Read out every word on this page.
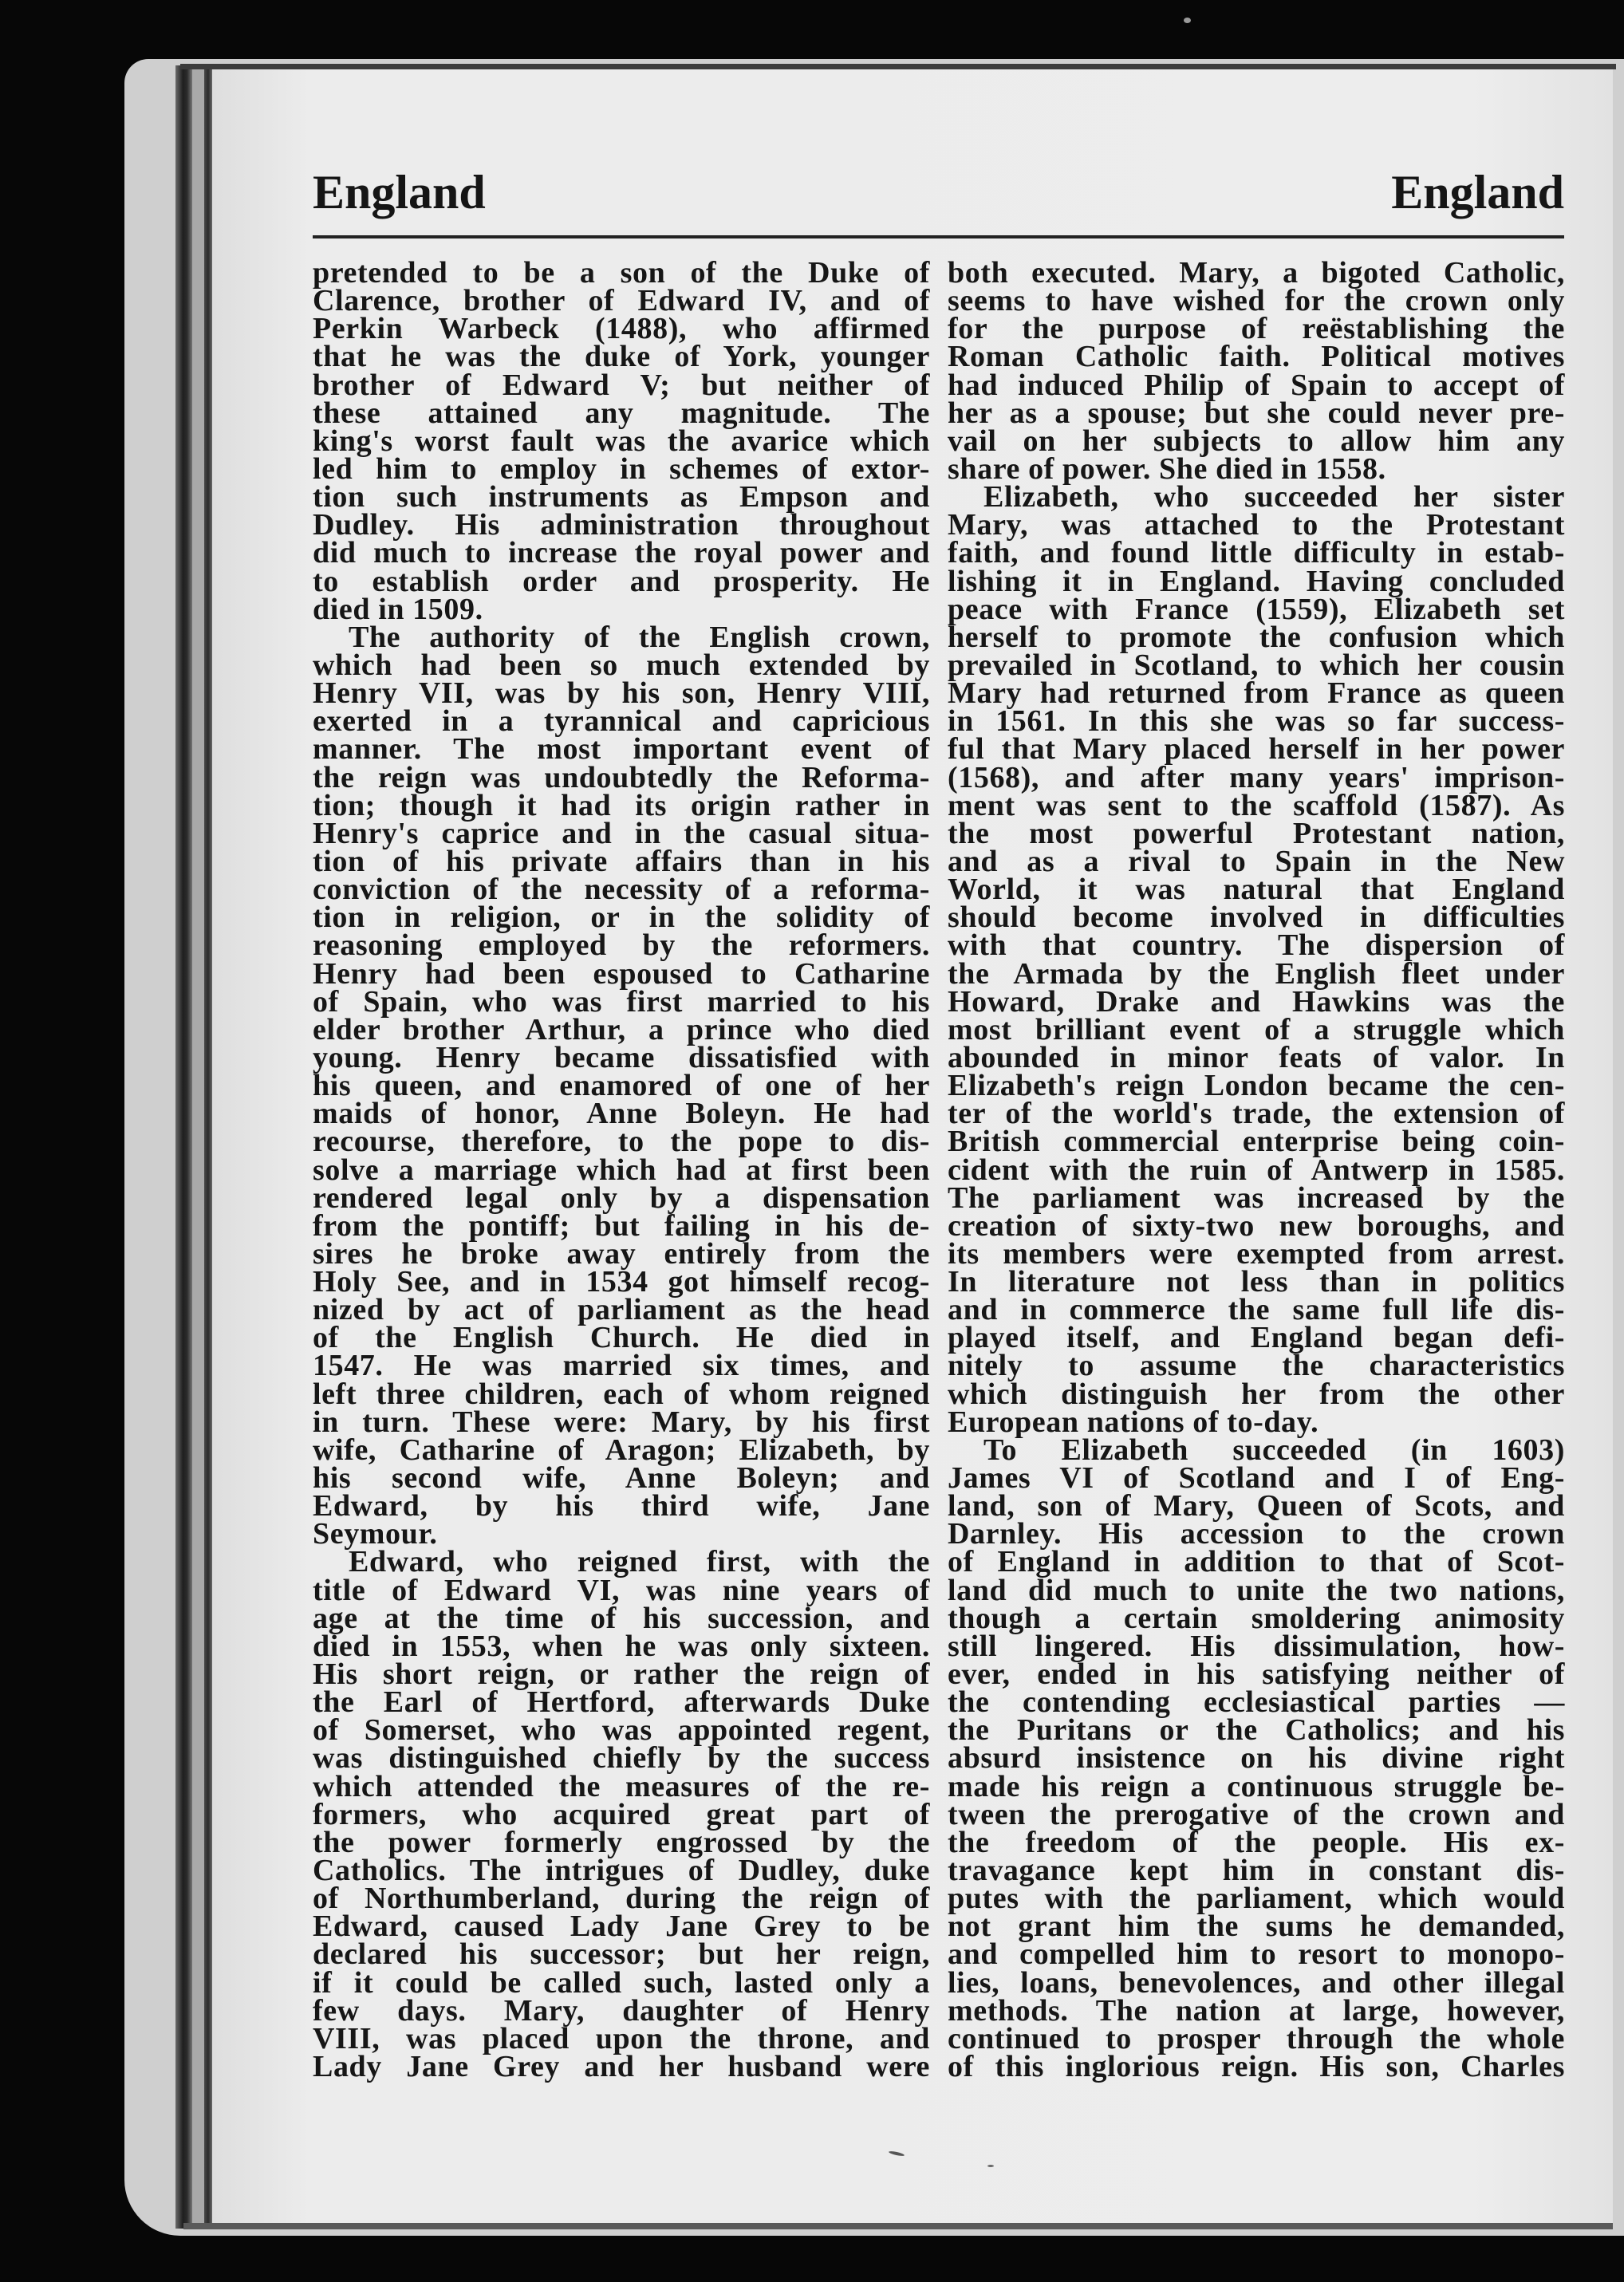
England	England
pretended to be a son of the Duke of
Clarence, brother of Edward IV, and of
Perkin Warbeck (1488), who affirmed
that he was the duke of York, younger
brother of Edward V; but neither of
these attained any magnitude. The
king's worst fault was the avarice which
led him to employ in schemes of extor-
tion such instruments as Empson and
Dudley. His administration throughout
did much to increase the royal power and
to establish order and prosperity. He
died in 1509.
The authority of the English crown,
which had been so much extended by
Henry VII, was by his son, Henry VIII,
exerted in a tyrannical and capricious
manner. The most important event of
the reign was undoubtedly the Reforma-
tion; though it had its origin rather in
Henry's caprice and in the casual situa-
tion of his private affairs than in his
conviction of the necessity of a reforma-
tion in religion, or in the solidity of
reasoning employed by the reformers.
Henry had been espoused to Catharine
of Spain, who was first married to his
elder brother Arthur, a prince who died
young. Henry became dissatisfied with
his queen, and enamored of one of her
maids of honor, Anne Boleyn. He had
recourse, therefore, to the pope to dis-
solve a marriage which had at first been
rendered legal only by a dispensation
from the pontiff; but failing in his de-
sires he broke away entirely from the
Holy See, and in 1534 got himself recog-
nized by act of parliament as the head
of the English Church. He died in
1547. He was married six times, and
left three children, each of whom reigned
in turn. These were: Mary, by his first
wife, Catharine of Aragon; Elizabeth, by
his second wife, Anne Boleyn; and
Edward, by his third wife, Jane
Seymour.
Edward, who reigned first, with the
title of Edward VI, was nine years of
age at the time of his succession, and
died in 1553, when he was only sixteen.
His short reign, or rather the reign of
the Earl of Hertford, afterwards Duke
of Somerset, who was appointed regent,
was distinguished chiefly by the success
which attended the measures of the re-
formers, who acquired great part of
the power formerly engrossed by the
Catholics. The intrigues of Dudley, duke
of Northumberland, during the reign of
Edward, caused Lady Jane Grey to be
declared his successor; but her reign,
if it could be called such, lasted only a
few days. Mary, daughter of Henry
VIII, was placed upon the throne, and
Lady Jane Grey and her husband were
both executed. Mary, a bigoted Catholic,
seems to have wished for the crown only
for the purpose of reëstablishing the
Roman Catholic faith. Political motives
had induced Philip of Spain to accept of
her as a spouse; but she could never pre-
vail on her subjects to allow him any
share of power. She died in 1558.
Elizabeth, who succeeded her sister
Mary, was attached to the Protestant
faith, and found little difficulty in estab-
lishing it in England. Having concluded
peace with France (1559), Elizabeth set
herself to promote the confusion which
prevailed in Scotland, to which her cousin
Mary had returned from France as queen
in 1561. In this she was so far success-
ful that Mary placed herself in her power
(1568), and after many years' imprison-
ment was sent to the scaffold (1587). As
the most powerful Protestant nation,
and as a rival to Spain in the New
World, it was natural that England
should become involved in difficulties
with that country. The dispersion of
the Armada by the English fleet under
Howard, Drake and Hawkins was the
most brilliant event of a struggle which
abounded in minor feats of valor. In
Elizabeth's reign London became the cen-
ter of the world's trade, the extension of
British commercial enterprise being coin-
cident with the ruin of Antwerp in 1585.
The parliament was increased by the
creation of sixty-two new boroughs, and
its members were exempted from arrest.
In literature not less than in politics
and in commerce the same full life dis-
played itself, and England began defi-
nitely to assume the characteristics
which distinguish her from the other
European nations of to-day.
To Elizabeth succeeded (in 1603)
James VI of Scotland and I of Eng-
land, son of Mary, Queen of Scots, and
Darnley. His accession to the crown
of England in addition to that of Scot-
land did much to unite the two nations,
though a certain smoldering animosity
still lingered. His dissimulation, how-
ever, ended in his satisfying neither of
the contending ecclesiastical parties —
the Puritans or the Catholics; and his
absurd insistence on his divine right
made his reign a continuous struggle be-
tween the prerogative of the crown and
the freedom of the people. His ex-
travagance kept him in constant dis-
putes with the parliament, which would
not grant him the sums he demanded,
and compelled him to resort to monopo-
lies, loans, benevolences, and other illegal
methods. The nation at large, however,
continued to prosper through the whole
of this inglorious reign. His son, Charles
